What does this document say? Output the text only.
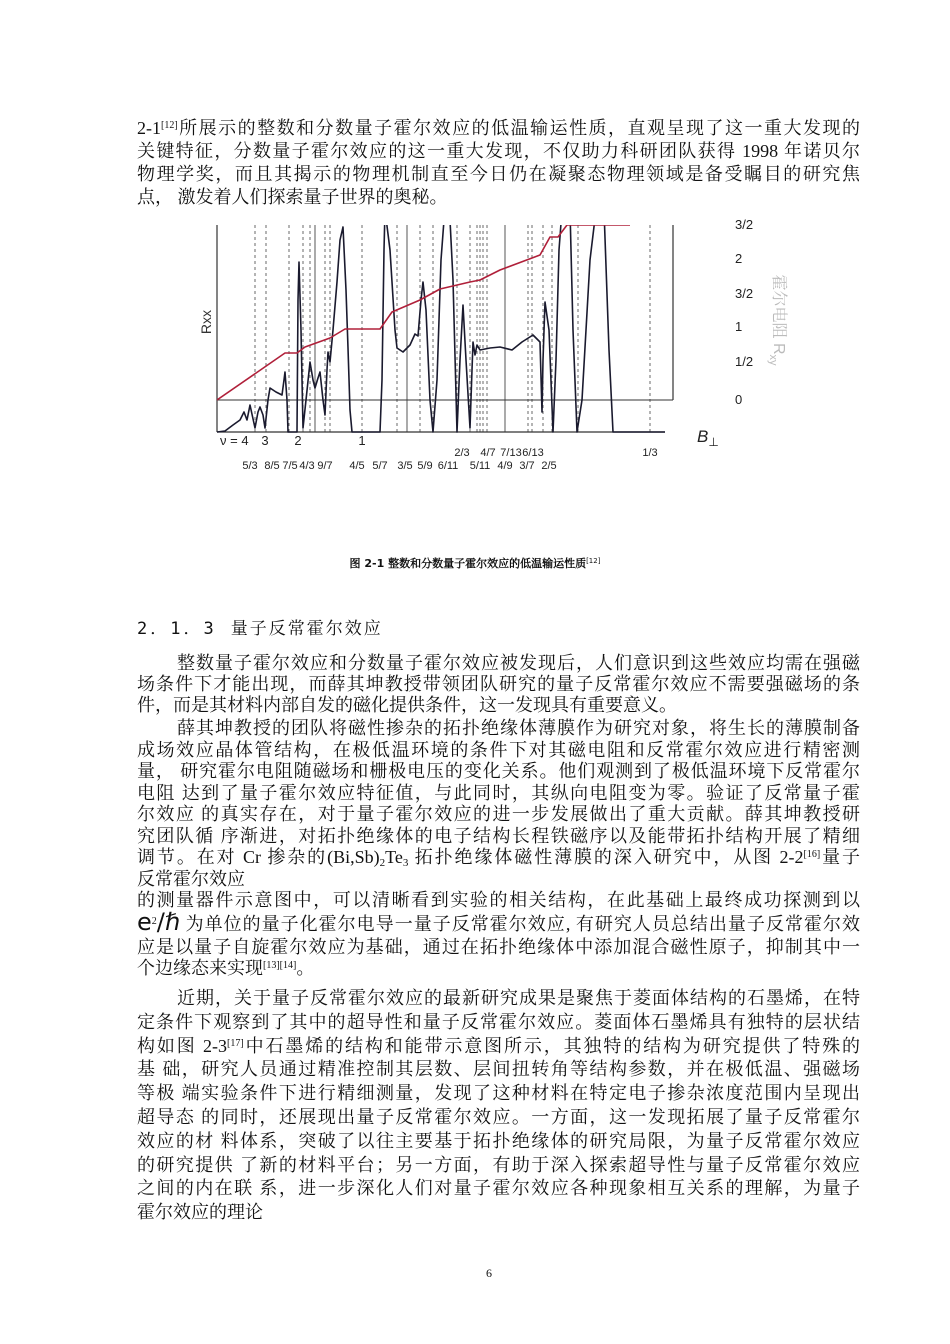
2-1[12]所展示的整数和分数量子霍尔效应的低温输运性质，直观呈现了这一重大发现的
关键特征，分数量子霍尔效应的这一重大发现，不仅助力科研团队获得 1998 年诺贝尔
物理学奖，而且其揭示的物理机制直至今日仍在凝聚态物理领域是备受瞩目的研究焦
点， 激发着人们探索量子世界的奥秘。
Rxx
3/2
2
3/2
1
1/2
0
霍尔电阻 $R_{xy}$
$B_\perp$
ν = 4 3 2	1
2/3 4/7 7/13 6/13	1/3
5/3 8/5 7/5 4/3 9/7 4/5 5/7 3/5 5/9 6/11 5/11 4/9 3/7 2/5
图 2-1 整数和分数量子霍尔效应的低温输运性质[12]
2．1．3 量子反常霍尔效应
整数量子霍尔效应和分数量子霍尔效应被发现后，人们意识到这些效应均需在强磁
场条件下才能出现，而薛其坤教授带领团队研究的量子反常霍尔效应不需要强磁场的条
件，而是其材料内部自发的磁化提供条件，这一发现具有重要意义。
薛其坤教授的团队将磁性掺杂的拓扑绝缘体薄膜作为研究对象，将生长的薄膜制备
成场效应晶体管结构，在极低温环境的条件下对其磁电阻和反常霍尔效应进行精密测
量， 研究霍尔电阻随磁场和栅极电压的变化关系。他们观测到了极低温环境下反常霍尔
电阻 达到了量子霍尔效应特征值，与此同时，其纵向电阻变为零。验证了反常量子霍
尔效应 的真实存在，对于量子霍尔效应的进一步发展做出了重大贡献。薛其坤教授研
究团队循 序渐进，对拓扑绝缘体的电子结构长程铁磁序以及能带拓扑结构开展了精细
调节。在对 Cr 掺杂的$(Bi,Sb)_2Te_3$ 拓扑绝缘体磁性薄膜的深入研究中，从图 2-2[16]量子
反常霍尔效应
的测量器件示意图中，可以清晰看到实验的相关结构，在此基础上最终成功探测到以
$e^2/\hbar$ 为单位的量子化霍尔电导一量子反常霍尔效应, 有研究人员总结出量子反常霍尔效
应是以量子自旋霍尔效应为基础，通过在拓扑绝缘体中添加混合磁性原子，抑制其中一
个边缘态来实现[13][14]。
近期，关于量子反常霍尔效应的最新研究成果是聚焦于菱面体结构的石墨烯，在特
定条件下观察到了其中的超导性和量子反常霍尔效应。菱面体石墨烯具有独特的层状结
构如图 2-3[17]中石墨烯的结构和能带示意图所示，其独特的结构为研究提供了特殊的
基 础，研究人员通过精准控制其层数、层间扭转角等结构参数，并在极低温、强磁场
等极 端实验条件下进行精细测量，发现了这种材料在特定电子掺杂浓度范围内呈现出
超导态 的同时，还展现出量子反常霍尔效应。一方面，这一发现拓展了量子反常霍尔
效应的材 料体系，突破了以往主要基于拓扑绝缘体的研究局限，为量子反常霍尔效应
的研究提供 了新的材料平台；另一方面，有助于深入探索超导性与量子反常霍尔效应
之间的内在联 系，进一步深化人们对量子霍尔效应各种现象相互关系的理解，为量子
霍尔效应的理论
6
